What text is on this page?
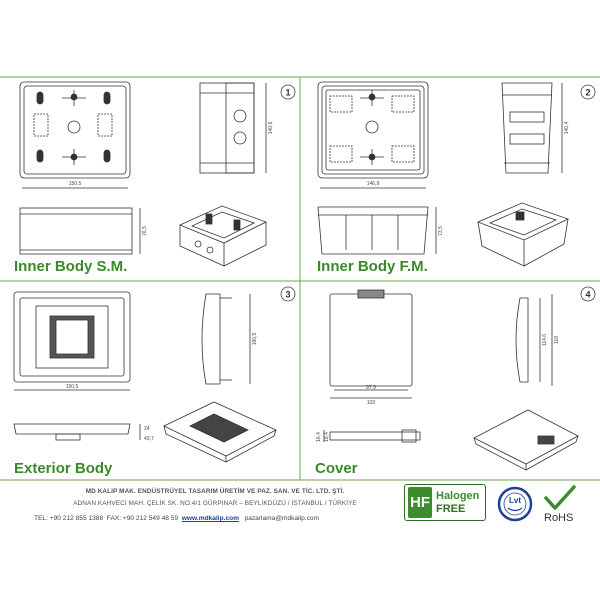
1	2
3	4
150,5
140,5
76,5
146,9
140,4
73,5
150,5
190,5
24
43,7
97,9
103
114,6 118
16,4 18,4
Inner Body S.M.	Inner Body F.M.
Exterior Body	Cover
MD KALIP MAK. ENDÜSTRÜYEL TASARIM ÜRETİM VE PAZ. SAN. VE TİC. LTD. ŞTİ.
ADNAN KAHVECİ MAH. ÇELİK SK. NO:4/1 GÜRPINAR – BEYLİKDÜZÜ / İSTANBUL / TÜRKİYE
TEL: +90 212 855 1388 FAX: +90 212 549 48 59 www.mdkalip.com pazarlama@mdkalip.com
HF Halogen
FREE
Lvt
RoHS
